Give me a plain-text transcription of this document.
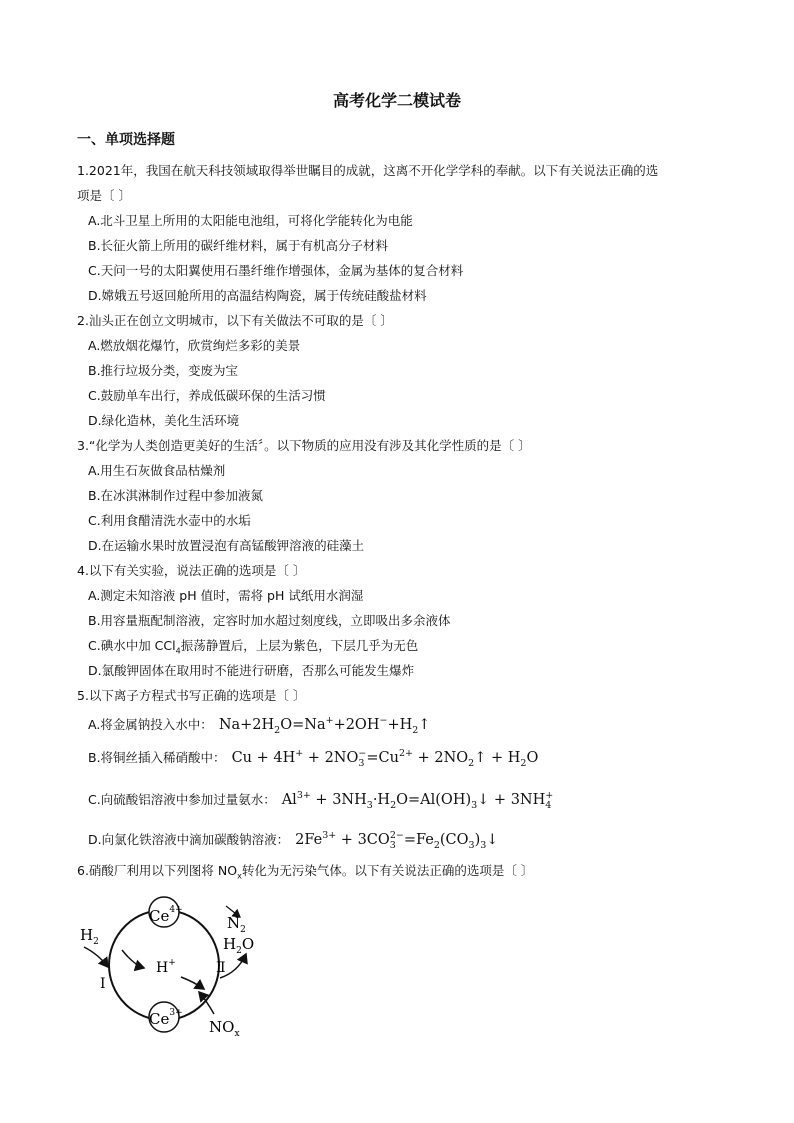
高考化学二模试卷
一、单项选择题
1.2021年，我国在航天科技领域取得举世瞩目的成就，这离不开化学学科的奉献。以下有关说法正确的选
项是〔 〕
A.北斗卫星上所用的太阳能电池组，可将化学能转化为电能
B.长征火箭上所用的碳纤维材料，属于有机高分子材料
C.天问一号的太阳翼使用石墨纤维作增强体，金属为基体的复合材料
D.嫦娥五号返回舱所用的高温结构陶瓷，属于传统硅酸盐材料
2.汕头正在创立文明城市，以下有关做法不可取的是〔 〕
A.燃放烟花爆竹，欣赏绚烂多彩的美景
B.推行垃圾分类，变废为宝
C.鼓励单车出行，养成低碳环保的生活习惯
D.绿化造林，美化生活环境
3.“化学为人类创造更美好的生活〞。以下物质的应用没有涉及其化学性质的是〔 〕
A.用生石灰做食品枯燥剂
B.在冰淇淋制作过程中参加液氮
C.利用食醋清洗水壶中的水垢
D.在运输水果时放置浸泡有高锰酸钾溶液的硅藻土
4.以下有关实验，说法正确的选项是〔 〕
A.测定未知溶液 pH 值时，需将 pH 试纸用水润湿
B.用容量瓶配制溶液，定容时加水超过刻度线，立即吸出多余液体
C.碘水中加 CCl$_4$振荡静置后，上层为紫色，下层几乎为无色
D.氯酸钾固体在取用时不能进行研磨，否那么可能发生爆炸
5.以下离子方程式书写正确的选项是〔 〕
A.将金属钠投入水中： $Na+2H_2O=Na^++2OH^-+H_2↑$
B.将铜丝插入稀硝酸中： $Cu + 4H^+ + 2NO_3^-=Cu^{2+}$ + $2NO_2↑ + H_2O$
C.向硫酸铝溶液中参加过量氨水： $Al^{3+}$ + $3NH_3\cdot H_2O=Al(OH)_3↓ + 3NH_4^+$
D.向氯化铁溶液中滴加碳酸钠溶液： $2Fe^{3+}$ + $3CO_3^{2-}=Fe_2(CO_3)_3↓$
6.硝酸厂利用以下列图将 $NO_x$转化为无污染气体。以下有关说法正确的选项是〔 〕
$Ce^{4+}$
$Ce^{3+}$
$H_2$
Ⅰ
H+
$N_2$
$H_2O$
Ⅱ
$NO_x$
